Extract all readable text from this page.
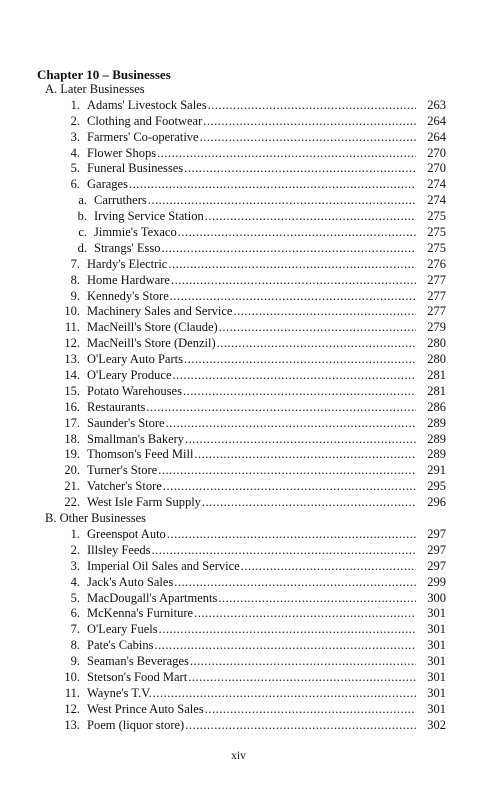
Chapter 10 – Businesses
A. Later Businesses
1. Adams' Livestock Sales .....	263
2. Clothing and Footwear .....	264
3. Farmers' Co-operative .....	264
4. Flower Shops .....	270
5. Funeral Businesses .....	270
6. Garages .....	274
a. Carruthers .....	274
b. Irving Service Station .....	275
c. Jimmie's Texaco .....	275
d. Strangs' Esso .....	275
7. Hardy's Electric .....	276
8. Home Hardware .....	277
9. Kennedy's Store .....	277
10. Machinery Sales and Service .....	277
11. MacNeill's Store (Claude) .....	279
12. MacNeill's Store (Denzil) .....	280
13. O'Leary Auto Parts .....	280
14. O'Leary Produce .....	281
15. Potato Warehouses .....	281
16. Restaurants .....	286
17. Saunder's Store .....	289
18. Smallman's Bakery .....	289
19. Thomson's Feed Mill .....	289
20. Turner's Store .....	291
21. Vatcher's Store .....	295
22. West Isle Farm Supply .....	296
B. Other Businesses
1. Greenspot Auto .....	297
2. Illsley Feeds .....	297
3. Imperial Oil Sales and Service .....	297
4. Jack's Auto Sales .....	299
5. MacDougall's Apartments .....	300
6. McKenna's Furniture .....	301
7. O'Leary Fuels .....	301
8. Pate's Cabins .....	301
9. Seaman's Beverages .....	301
10. Stetson's Food Mart .....	301
11. Wayne's T.V. .....	301
12. West Prince Auto Sales .....	301
13. Poem (liquor store) .....	302
xiv
